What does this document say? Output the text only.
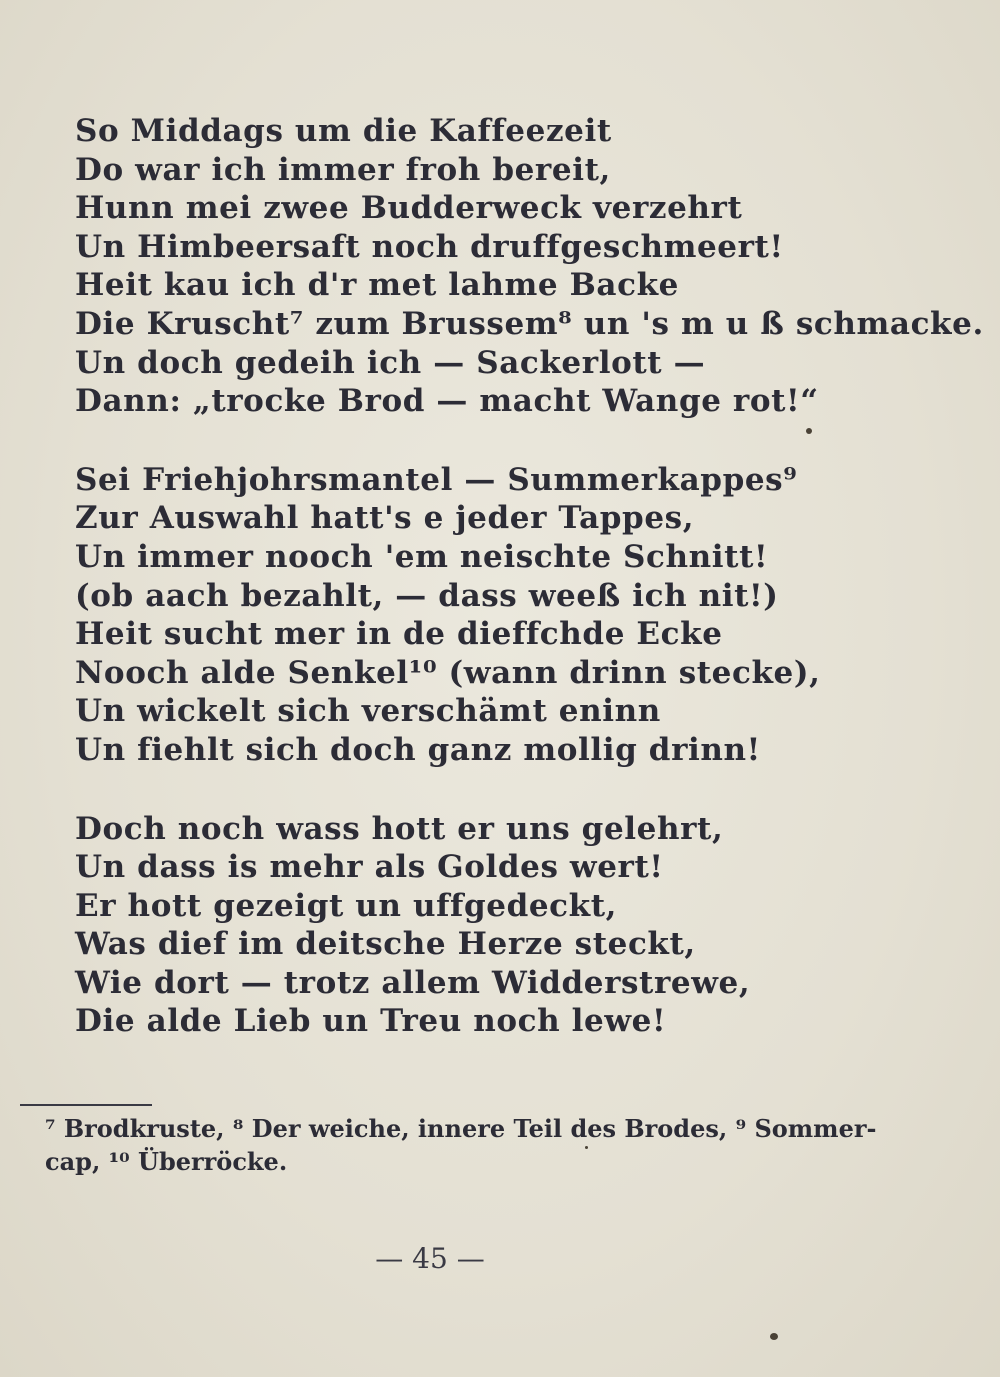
So Middags um die Kaffeezeit
Do war ich immer froh bereit,
Hunn mei zwee Budderweck verzehrt
Un Himbeersaft noch druffgeschmeert!
Heit kau ich d'r met lahme Backe
Die Kruscht⁷ zum Brussem⁸ un 's m u ß schmacke.
Un doch gedeih ich — Sackerlott —
Dann: „trocke Brod — macht Wange rot!“
Sei Friehjohrsmantel — Summerkappes⁹
Zur Auswahl hatt's e jeder Tappes,
Un immer nooch 'em neischte Schnitt!
(ob aach bezahlt, — dass weeß ich nit!)
Heit sucht mer in de dieffchde Ecke
Nooch alde Senkel¹⁰ (wann drinn stecke),
Un wickelt sich verschämt eninn
Un fiehlt sich doch ganz mollig drinn!
Doch noch wass hott er uns gelehrt,
Un dass is mehr als Goldes wert!
Er hott gezeigt un uffgedeckt,
Was dief im deitsche Herze steckt,
Wie dort — trotz allem Widderstrewe,
Die alde Lieb un Treu noch lewe!
⁷ Brodkruste, ⁸ Der weiche, innere Teil des Brodes, ⁹ Sommer-
cap, ¹⁰ Überröcke.
— 45 —
